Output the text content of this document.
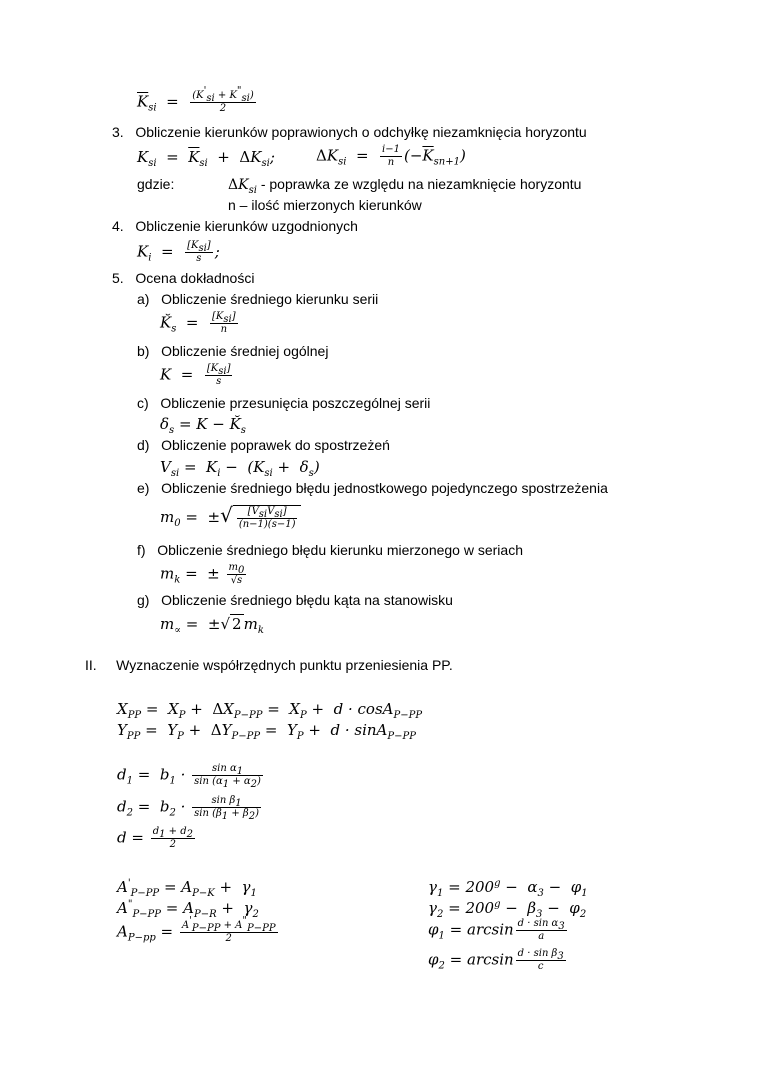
$\overline{K}_{si} = \frac{(K'_{si} + K^"_{si})}{2}$
3. Obliczenie kierunków poprawionych o odchyłkę niezamknięcia horyzontu
$K_{si} = \overline{K}_{si} + \Delta K_{si}$;	$\Delta K_{si} = \frac{i-1}{n} (-\overline{K}_{sn+1})$
gdzie:	$\Delta K_{si}$ - poprawka ze względu na niezamknięcie horyzontu
n – ilość mierzonych kierunków
4. Obliczenie kierunków uzgodnionych
$K_i = \frac{[K_{si}]}{s}$ ;
5. Ocena dokładności
a) Obliczenie średniego kierunku serii
$K̆_s = \frac{[K_{si}]}{n}$
b) Obliczenie średniej ogólnej
$K = \frac{[K_{si}]}{s}$
c) Obliczenie przesunięcia poszczególnej serii
$\delta_s = K$ − $K̆_s$
d) Obliczenie poprawek do spostrzeżeń
$V_{si} = K_i - (K_{si} + \delta_s)$
e) Obliczenie średniego błędu jednostkowego pojedynczego spostrzeżenia
$m_0$ =  ±√ $\frac{[V_{si}V_{si}]}{(n-1)(s-1)}$
f) Obliczenie średniego błędu kierunku mierzonego w seriach
$m_k$ =  ± $\frac{m_0}{√s}$
g) Obliczenie średniego błędu kąta na stanowisku
$m_\propto$ =  ±√ 2 $m_k$
II. Wyznaczenie współrzędnych punktu przeniesienia PP.
$X_{PP} = X_P + \Delta X_{P-PP} = X_P + d \cdot \cos A_{P-PP}$
$Y_{PP} = Y_P + \Delta Y_{P-PP} = Y_P + d \cdot \sin A_{P-PP}$
$d_1 = b_1 \cdot \frac{\sin \alpha_1}{\sin (\alpha_1 + \alpha_2)}$
$d_2 = b_2 \cdot \frac{\sin \beta_1}{\sin (\beta_1 + \beta_2)}$
$d = \frac{d_1 + d_2}{2}$
$A'_{P-PP} = A_{P-K} + \gamma_1$
$A^"_{P-PP} = A_{P-R} + \gamma_2$
$A_{P-pp} = \frac{A'_{P-PP} + A^"_{P-PP}}{2}$
$\gamma_1 = 200^g - \alpha_3 - \varphi_1$
$\gamma_2 = 200^g - \beta_3 - \varphi_2$
$\varphi_1 = \arcsin \frac{d \cdot \sin \alpha_3}{a}$
$\varphi_2 = \arcsin \frac{d \cdot \sin \beta_3}{c}$
